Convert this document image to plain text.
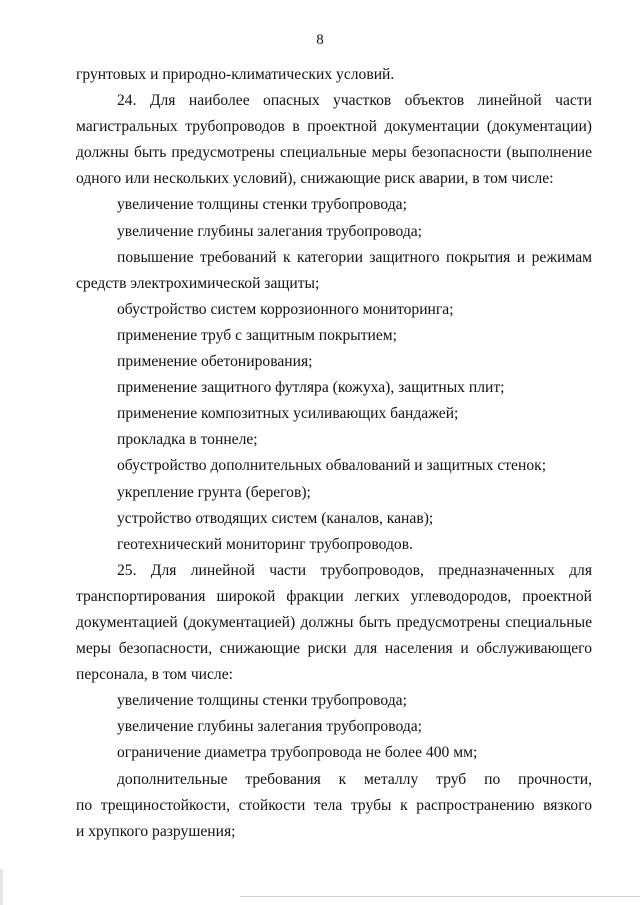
8
грунтовых и природно-климатических условий.
24. Для наиболее опасных участков объектов линейной части
магистральных трубопроводов в проектной документации (документации)
должны быть предусмотрены специальные меры безопасности (выполнение
одного или нескольких условий), снижающие риск аварии, в том числе:
увеличение толщины стенки трубопровода;
увеличение глубины залегания трубопровода;
повышение требований к категории защитного покрытия и режимам
средств электрохимической защиты;
обустройство систем коррозионного мониторинга;
применение труб с защитным покрытием;
применение обетонирования;
применение защитного футляра (кожуха), защитных плит;
применение композитных усиливающих бандажей;
прокладка в тоннеле;
обустройство дополнительных обвалований и защитных стенок;
укрепление грунта (берегов);
устройство отводящих систем (каналов, канав);
геотехнический мониторинг трубопроводов.
25. Для линейной части трубопроводов, предназначенных для
транспортирования широкой фракции легких углеводородов, проектной
документацией (документацией) должны быть предусмотрены специальные
меры безопасности, снижающие риски для населения и обслуживающего
персонала, в том числе:
увеличение толщины стенки трубопровода;
увеличение глубины залегания трубопровода;
ограничение диаметра трубопровода не более 400 мм;
дополнительные требования к металлу труб по прочности,
по трещиностойкости, стойкости тела трубы к распространению вязкого
и хрупкого разрушения;
